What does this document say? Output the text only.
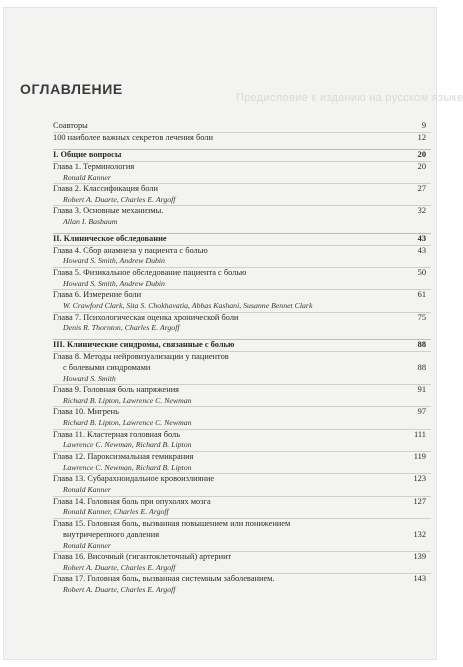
Предисловие к изданию на русском языке
ОГЛАВЛЕНИЕ
Соавторы	9
100 наиболее важных секретов лечения боли	12
I. Общие вопросы	20
Глава 1. Терминология	20
Ronald Kanner
Глава 2. Классификация боли	27
Robert A. Duarte, Charles E. Argoff
Глава 3. Основные механизмы.	32
Allan I. Basbaum
II. Клиническое обследование	43
Глава 4. Сбор анамнеза у пациента с болью	43
Howard S. Smith, Andrew Dubin
Глава 5. Физикальное обследование пациента с болью	50
Howard S. Smith, Andrew Dubin
Глава 6. Измерение боли	61
W. Crawford Clark, Sita S. Chokhavatia, Abbas Kashani, Susanne Bennet Clark
Глава 7. Психологическая оценка хронической боли	75
Denis R. Thornton, Charles E. Argoff
III. Клинические синдромы, связанные с болью	88
Глава 8. Методы нейровизуализации у пациентов
с болевыми синдромами	88
Howard S. Smith
Глава 9. Головная боль напряжения	91
Richard B. Lipton, Lawrence C. Newman
Глава 10. Мигрень	97
Richard B. Lipton, Lawrence C. Newman
Глава 11. Кластерная головная боль	111
Lawrence C. Newman, Richard B. Lipton
Глава 12. Пароксизмальная гемикрания	119
Lawrence C. Newman, Richard B. Lipton
Глава 13. Субарахноидальное кровоизлияние	123
Ronald Kanner
Глава 14. Головная боль при опухолях мозга	127
Ronald Kanner, Charles E. Argoff
Глава 15. Головная боль, вызванная повышением или понижением
внутричерепного давления	132
Ronald Kanner
Глава 16. Височный (гигантоклеточный) артериит	139
Robert A. Duarte, Charles E. Argoff
Глава 17. Головная боль, вызванная системным заболеванием.	143
Robert A. Duarte, Charles E. Argoff
